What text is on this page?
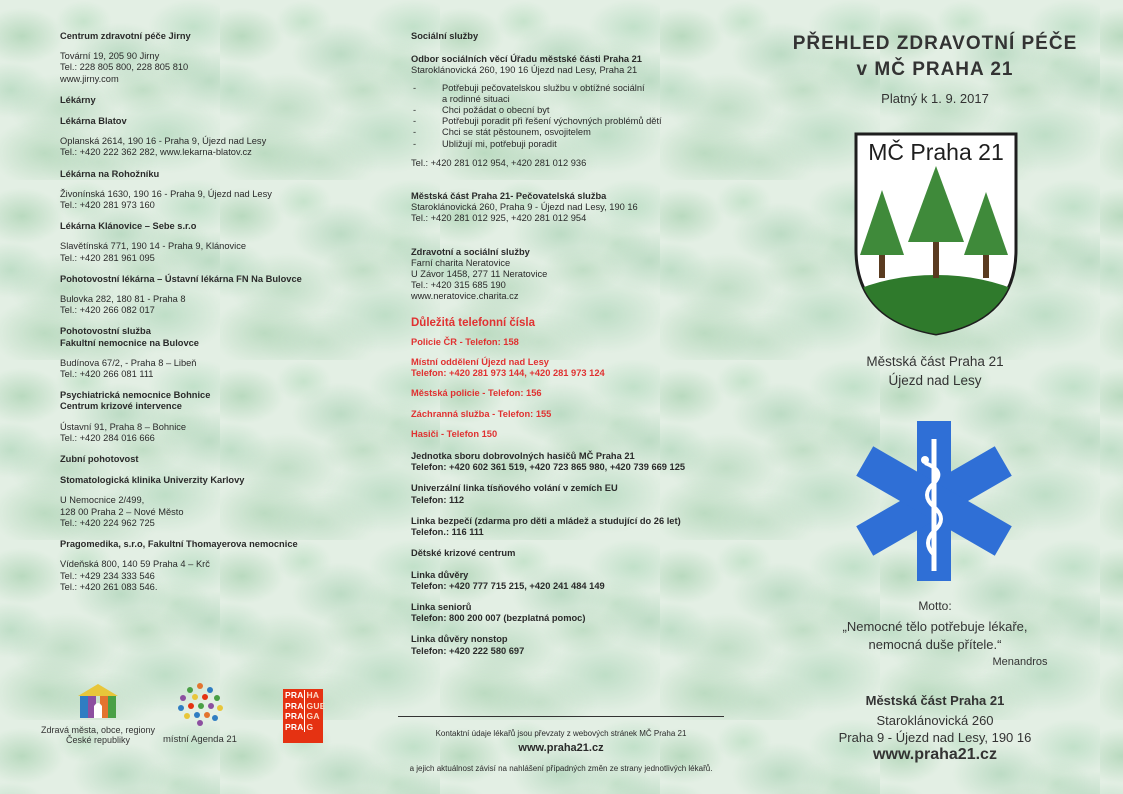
Centrum zdravotní péče Jirny
Tovární 19, 205 90 Jirny
Tel.: 228 805 800, 228 805 810
www.jirny.com
Lékárny
Lékárna Blatov
Oplanská 2614, 190 16 - Praha 9, Újezd nad Lesy
Tel.: +420 222 362 282, www.lekarna-blatov.cz
Lékárna na Rohožníku
Živonínská 1630, 190 16 - Praha 9, Újezd nad Lesy
Tel.: +420 281 973 160
Lékárna Klánovice – Sebe s.r.o
Slavětínská 771, 190 14 - Praha 9, Klánovice
Tel.: +420 281 961 095
Pohotovostní lékárna – Ústavní lékárna FN Na Bulovce
Bulovka 282, 180 81 - Praha 8
Tel.: +420 266 082 017
Pohotovostní služba
Fakultní nemocnice na Bulovce
Budínova 67/2, - Praha 8 – Libeň
Tel.: +420 266 081 111
Psychiatrická nemocnice Bohnice
Centrum krizové intervence
Ústavní 91, Praha 8 – Bohnice
Tel.: +420 284 016 666
Zubní pohotovost
Stomatologická klinika Univerzity Karlovy
U Nemocnice 2/499,
128 00 Praha 2 – Nové Město
Tel.: +420 224 962 725
Pragomedika, s.r.o, Fakultní Thomayerova nemocnice
Vídeňská 800, 140 59 Praha 4 – Krč
Tel.: +429 234 333 546
Tel.: +420 261 083 546.
Sociální služby
Odbor sociálních věcí Úřadu městské části Praha 21
Staroklánovická 260, 190 16 Újezd nad Lesy, Praha 21
- Potřebuji pečovatelskou službu v obtížné sociální
a rodinné situaci
- Chci požádat o obecní byt
- Potřebuji poradit při řešení výchovných problémů dětí
- Chci se stát pěstounem, osvojitelem
- Ubližují mi, potřebuji poradit
Tel.: +420 281 012 954, +420 281 012 936
Městská část Praha 21- Pečovatelská služba
Staroklánovická 260, Praha 9 - Újezd nad Lesy, 190 16
Tel.: +420 281 012 925, +420 281 012 954
Zdravotní a sociální služby
Farní charita Neratovice
U Závor 1458, 277 11 Neratovice
Tel.: +420 315 685 190
www.neratovice.charita.cz
Důležitá telefonní čísla
Policie ČR - Telefon: 158
Místní oddělení Újezd nad Lesy
Telefon: +420 281 973 144, +420 281 973 124
Městská policie - Telefon: 156
Záchranná služba - Telefon: 155
Hasiči - Telefon 150
Jednotka sboru dobrovolných hasičů MČ Praha 21
Telefon: +420 602 361 519, +420 723 865 980, +420 739 669 125
Univerzální linka tísňového volání v zemích EU
Telefon: 112
Linka bezpečí (zdarma pro děti a mládež a studující do 26 let)
Telefon.: 116 111
Dětské krizové centrum
Linka důvěry
Telefon: +420 777 715 215, +420 241 484 149
Linka seniorů
Telefon: 800 200 007 (bezplatná pomoc)
Linka důvěry nonstop
Telefon: +420 222 580 697
Kontaktní údaje lékařů jsou převzaty z webových stránek MČ Praha 21
www.praha21.cz
a jejich aktuálnost závisí na nahlášení případných změn ze strany jednotlivých lékařů.
Zdravá města, obce, regiony
České republiky	místní Agenda 21
PRA HA
PRA GUE
PRA GA
PRA G
PŘEHLED ZDRAVOTNÍ PÉČE
v MČ PRAHA 21
Platný k 1. 9. 2017
MČ Praha 21
Městská část Praha 21
Újezd nad Lesy
Motto:
„Nemocné tělo potřebuje lékaře,
nemocná duše přítele.“
Menandros
Městská část Praha 21
Staroklánovická 260
Praha 9 - Újezd nad Lesy, 190 16
www.praha21.cz
